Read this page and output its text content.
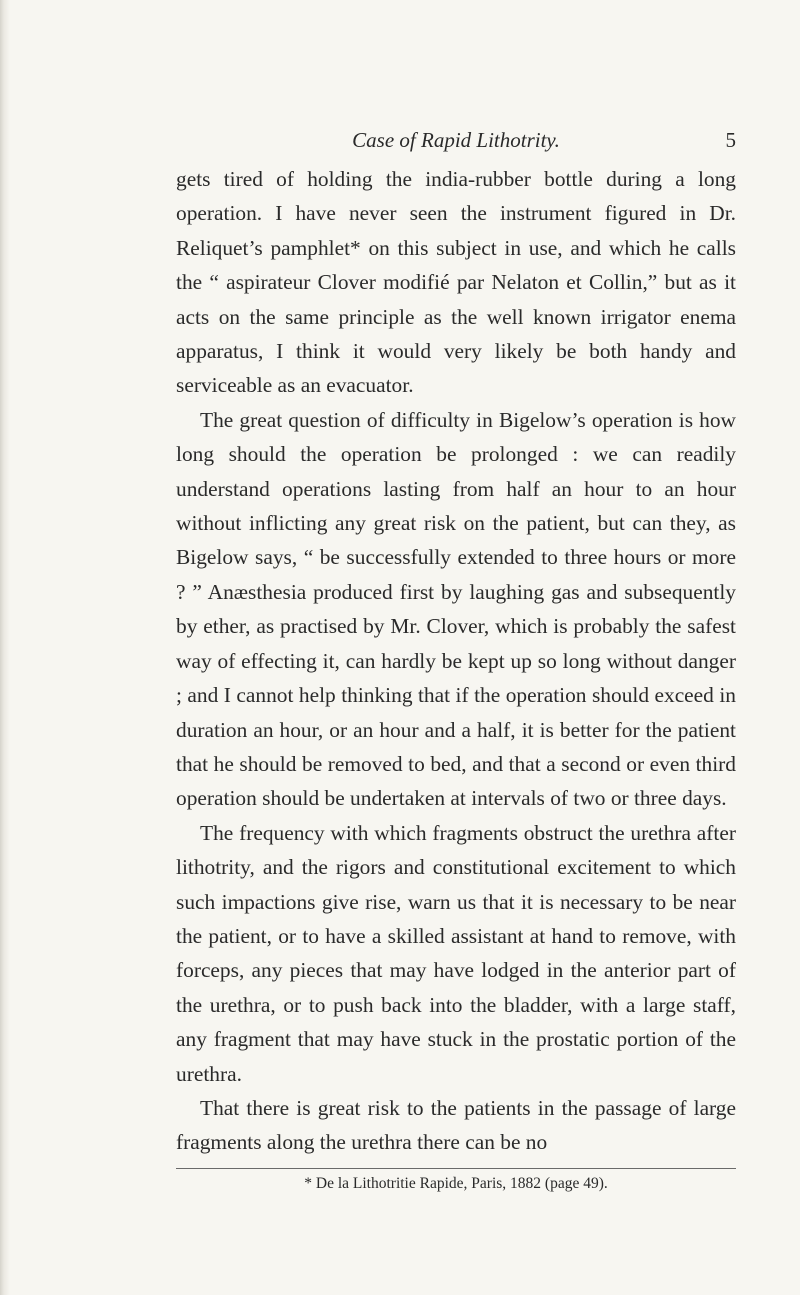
Case of Rapid Lithotrity.	5

gets tired of holding the india-rubber bottle during a long operation. I have never seen the instrument figured in Dr. Reliquet’s pamphlet* on this subject in use, and which he calls the “ aspirateur Clover modifié par Nelaton et Collin,” but as it acts on the same principle as the well known irrigator enema apparatus, I think it would very likely be both handy and serviceable as an evacuator.

The great question of difficulty in Bigelow’s operation is how long should the operation be prolonged : we can readily understand operations lasting from half an hour to an hour without inflicting any great risk on the patient, but can they, as Bigelow says, “ be successfully extended to three hours or more ? ” Anæsthesia produced first by laughing gas and subsequently by ether, as practised by Mr. Clover, which is probably the safest way of effecting it, can hardly be kept up so long without danger ; and I cannot help thinking that if the operation should exceed in duration an hour, or an hour and a half, it is better for the patient that he should be removed to bed, and that a second or even third operation should be undertaken at intervals of two or three days.

The frequency with which fragments obstruct the urethra after lithotrity, and the rigors and constitutional excitement to which such impactions give rise, warn us that it is necessary to be near the patient, or to have a skilled assistant at hand to remove, with forceps, any pieces that may have lodged in the anterior part of the urethra, or to push back into the bladder, with a large staff, any fragment that may have stuck in the prostatic portion of the urethra.

That there is great risk to the patients in the passage of large fragments along the urethra there can be no

* De la Lithotritie Rapide, Paris, 1882 (page 49).
